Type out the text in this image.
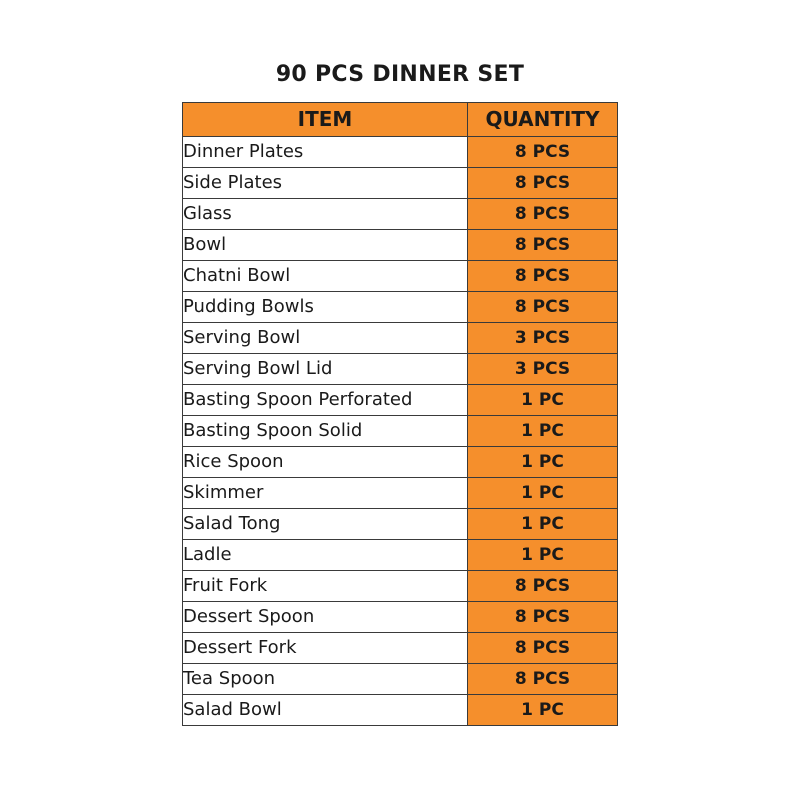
90 PCS DINNER SET
ITEM	QUANTITY
Dinner Plates	8 PCS
Side Plates	8 PCS
Glass	8 PCS
Bowl	8 PCS
Chatni Bowl	8 PCS
Pudding Bowls	8 PCS
Serving Bowl	3 PCS
Serving Bowl Lid	3 PCS
Basting Spoon Perforated	1 PC
Basting Spoon Solid	1 PC
Rice Spoon	1 PC
Skimmer	1 PC
Salad Tong	1 PC
Ladle	1 PC
Fruit Fork	8 PCS
Dessert Spoon	8 PCS
Dessert Fork	8 PCS
Tea Spoon	8 PCS
Salad Bowl	1 PC
